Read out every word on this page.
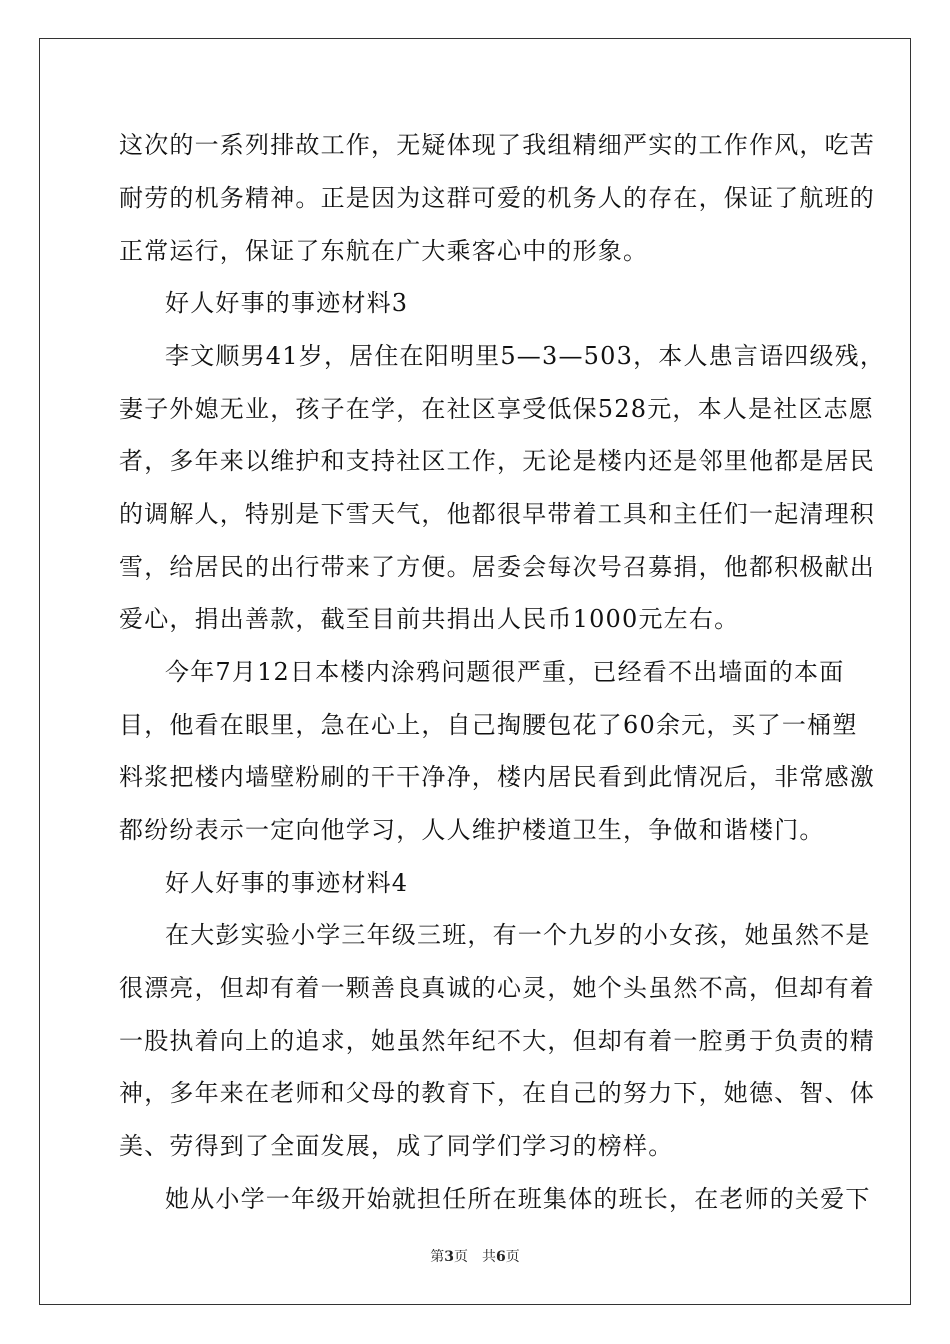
这次的一系列排故工作，无疑体现了我组精细严实的工作作风，吃苦
耐劳的机务精神。正是因为这群可爱的机务人的存在，保证了航班的
正常运行，保证了东航在广大乘客心中的形象。
好人好事的事迹材料3
李文顺男41岁，居住在阳明里5—3—503，本人患言语四级残，
妻子外媳无业，孩子在学，在社区享受低保528元，本人是社区志愿
者，多年来以维护和支持社区工作，无论是楼内还是邻里他都是居民
的调解人，特别是下雪天气，他都很早带着工具和主任们一起清理积
雪，给居民的出行带来了方便。居委会每次号召募捐，他都积极献出
爱心，捐出善款，截至目前共捐出人民币1000元左右。
今年7月12日本楼内涂鸦问题很严重，已经看不出墙面的本面
目，他看在眼里，急在心上，自己掏腰包花了60余元，买了一桶塑
料浆把楼内墙壁粉刷的干干净净，楼内居民看到此情况后，非常感激
都纷纷表示一定向他学习，人人维护楼道卫生，争做和谐楼门。
好人好事的事迹材料4
在大彭实验小学三年级三班，有一个九岁的小女孩，她虽然不是
很漂亮，但却有着一颗善良真诚的心灵，她个头虽然不高，但却有着
一股执着向上的追求，她虽然年纪不大，但却有着一腔勇于负责的精
神，多年来在老师和父母的教育下，在自己的努力下，她德、智、体
美、劳得到了全面发展，成了同学们学习的榜样。
她从小学一年级开始就担任所在班集体的班长，在老师的关爱下
第3页　共6页
